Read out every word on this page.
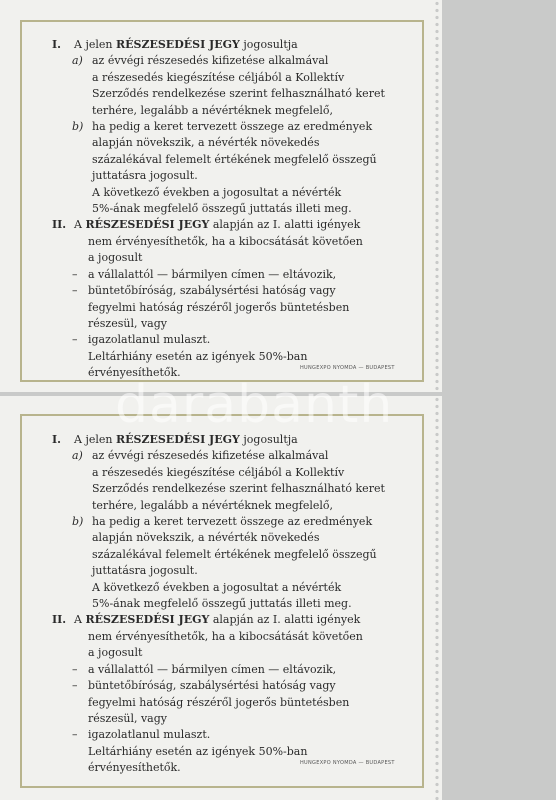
I. A jelen RÉSZESEDÉSI JEGY jogosultja
a) az évvégi részesedés kifizetése alkalmával
a részesedés kiegészítése céljából a Kollektív
Szerződés rendelkezése szerint felhasználható keret
terhére, legalább a névértéknek megfelelő,
b) ha pedig a keret tervezett összege az eredmények
alapján növekszik, a névérték növekedés
százalékával felemelt értékének megfelelő összegű
juttatásra jogosult.
A következő években a jogosultat a névérték
5%-ának megfelelő összegű juttatás illeti meg.
II. A RÉSZESEDÉSI JEGY alapján az I. alatti igények
nem érvényesíthetők, ha a kibocsátását követően
a jogosult
– a vállalattól — bármilyen címen — eltávozik,
– büntetőbíróság, szabálysértési hatóság vagy
fegyelmi hatóság részéről jogerős büntetésben
részesül, vagy
– igazolatlanul mulaszt.
Leltárhiány esetén az igények 50%-ban
érvényesíthetők.	HUNGEXPO NYOMDA — BUDAPEST
I. A jelen RÉSZESEDÉSI JEGY jogosultja
a) az évvégi részesedés kifizetése alkalmával
a részesedés kiegészítése céljából a Kollektív
Szerződés rendelkezése szerint felhasználható keret
terhére, legalább a névértéknek megfelelő,
b) ha pedig a keret tervezett összege az eredmények
alapján növekszik, a névérték növekedés
százalékával felemelt értékének megfelelő összegű
juttatásra jogosult.
A következő években a jogosultat a névérték
5%-ának megfelelő összegű juttatás illeti meg.
II. A RÉSZESEDÉSI JEGY alapján az I. alatti igények
nem érvényesíthetők, ha a kibocsátását követően
a jogosult
– a vállalattól — bármilyen címen — eltávozik,
– büntetőbíróság, szabálysértési hatóság vagy
fegyelmi hatóság részéről jogerős büntetésben
részesül, vagy
– igazolatlanul mulaszt.
Leltárhiány esetén az igények 50%-ban
érvényesíthetők.	HUNGEXPO NYOMDA — BUDAPEST
darabanth
